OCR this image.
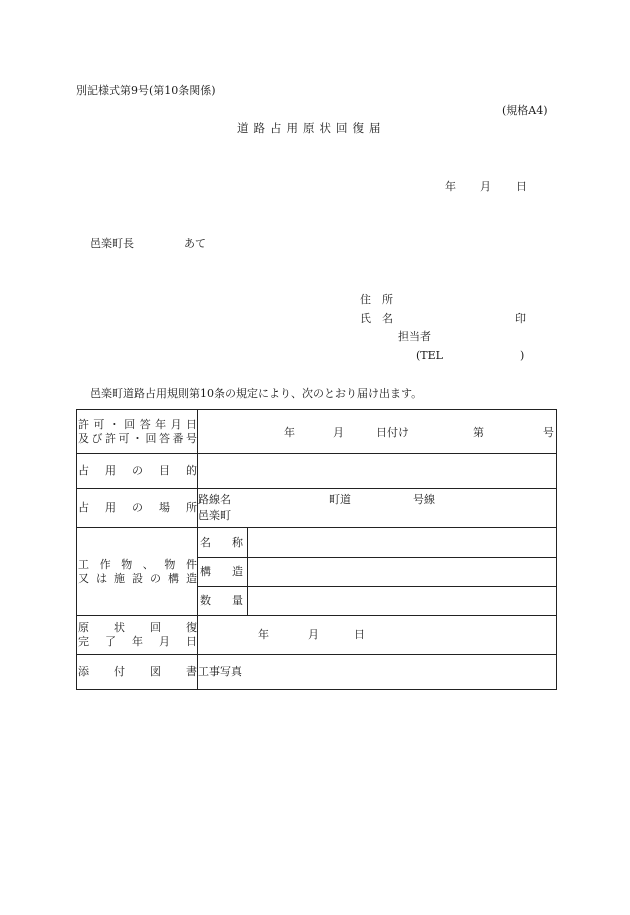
別記様式第9号(第10条関係)
(規格A4)
道路占用原状回復届
年 月 日
邑楽町長	あて
住　所
氏　名	印
担当者
(TEL	)
邑楽町道路占用規則第10条の規定により、次のとおり届け出ます。
許可・回答年月日
及び許可・回答番号	年 月 日付け 第 号	

占用の目的		

占用の場所	路線名 町道 号線
邑楽町	

工作物、物件
又は施設の構造	名　称	

	構　造	

	数　量	

原状回復
完了年月日	年 月 日	

添付図書	工事写真	
